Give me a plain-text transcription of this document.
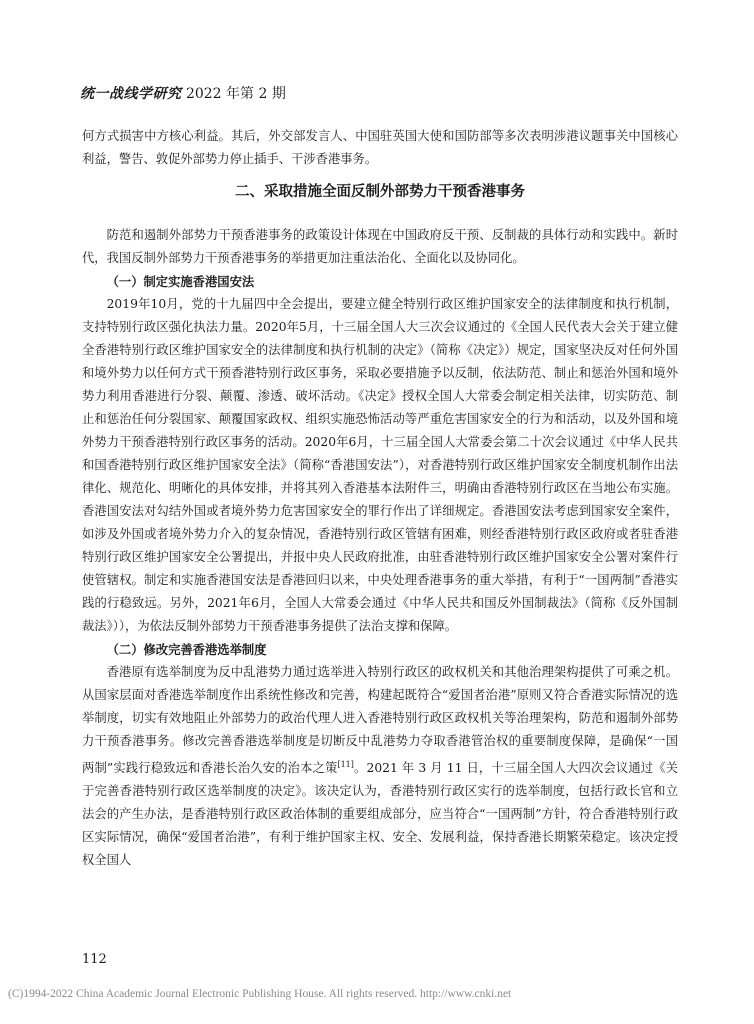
统一战线学研究 2022 年第 2 期

何方式损害中方核心利益。其后，外交部发言人、中国驻英国大使和国防部等多次表明涉港议题事关中国核心利益，警告、敦促外部势力停止插手、干涉香港事务。

二、采取措施全面反制外部势力干预香港事务

防范和遏制外部势力干预香港事务的政策设计体现在中国政府反干预、反制裁的具体行动和实践中。新时代，我国反制外部势力干预香港事务的举措更加注重法治化、全面化以及协同化。

（一）制定实施香港国安法

2019年10月，党的十九届四中全会提出，要建立健全特别行政区维护国家安全的法律制度和执行机制，支持特别行政区强化执法力量。2020年5月，十三届全国人大三次会议通过的《全国人民代表大会关于建立健全香港特别行政区维护国家安全的法律制度和执行机制的决定》（简称《决定》）规定，国家坚决反对任何外国和境外势力以任何方式干预香港特别行政区事务，采取必要措施予以反制，依法防范、制止和惩治外国和境外势力利用香港进行分裂、颠覆、渗透、破坏活动。《决定》授权全国人大常委会制定相关法律，切实防范、制止和惩治任何分裂国家、颠覆国家政权、组织实施恐怖活动等严重危害国家安全的行为和活动，以及外国和境外势力干预香港特别行政区事务的活动。2020年6月，十三届全国人大常委会第二十次会议通过《中华人民共和国香港特别行政区维护国家安全法》（简称“香港国安法”），对香港特别行政区维护国家安全制度机制作出法律化、规范化、明晰化的具体安排，并将其列入香港基本法附件三，明确由香港特别行政区在当地公布实施。香港国安法对勾结外国或者境外势力危害国家安全的罪行作出了详细规定。香港国安法考虑到国家安全案件，如涉及外国或者境外势力介入的复杂情况，香港特别行政区管辖有困难，则经香港特别行政区政府或者驻香港特别行政区维护国家安全公署提出，并报中央人民政府批准，由驻香港特别行政区维护国家安全公署对案件行使管辖权。制定和实施香港国安法是香港回归以来，中央处理香港事务的重大举措，有利于“一国两制”香港实践的行稳致远。另外，2021年6月，全国人大常委会通过《中华人民共和国反外国制裁法》（简称《反外国制裁法》）），为依法反制外部势力干预香港事务提供了法治支撑和保障。

（二）修改完善香港选举制度

香港原有选举制度为反中乱港势力通过选举进入特别行政区的政权机关和其他治理架构提供了可乘之机。从国家层面对香港选举制度作出系统性修改和完善，构建起既符合“爱国者治港”原则又符合香港实际情况的选举制度，切实有效地阻止外部势力的政治代理人进入香港特别行政区政权机关等治理架构，防范和遏制外部势力干预香港事务。修改完善香港选举制度是切断反中乱港势力夺取香港管治权的重要制度保障，是确保“一国两制”实践行稳致远和香港长治久安的治本之策[11]。2021 年 3 月 11 日，十三届全国人大四次会议通过《关于完善香港特别行政区选举制度的决定》。该决定认为，香港特别行政区实行的选举制度，包括行政长官和立法会的产生办法，是香港特别行政区政治体制的重要组成部分，应当符合“一国两制”方针，符合香港特别行政区实际情况，确保“爱国者治港”，有利于维护国家主权、安全、发展利益，保持香港长期繁荣稳定。该决定授权全国人

112
(C)1994-2022 China Academic Journal Electronic Publishing House. All rights reserved. http://www.cnki.net
